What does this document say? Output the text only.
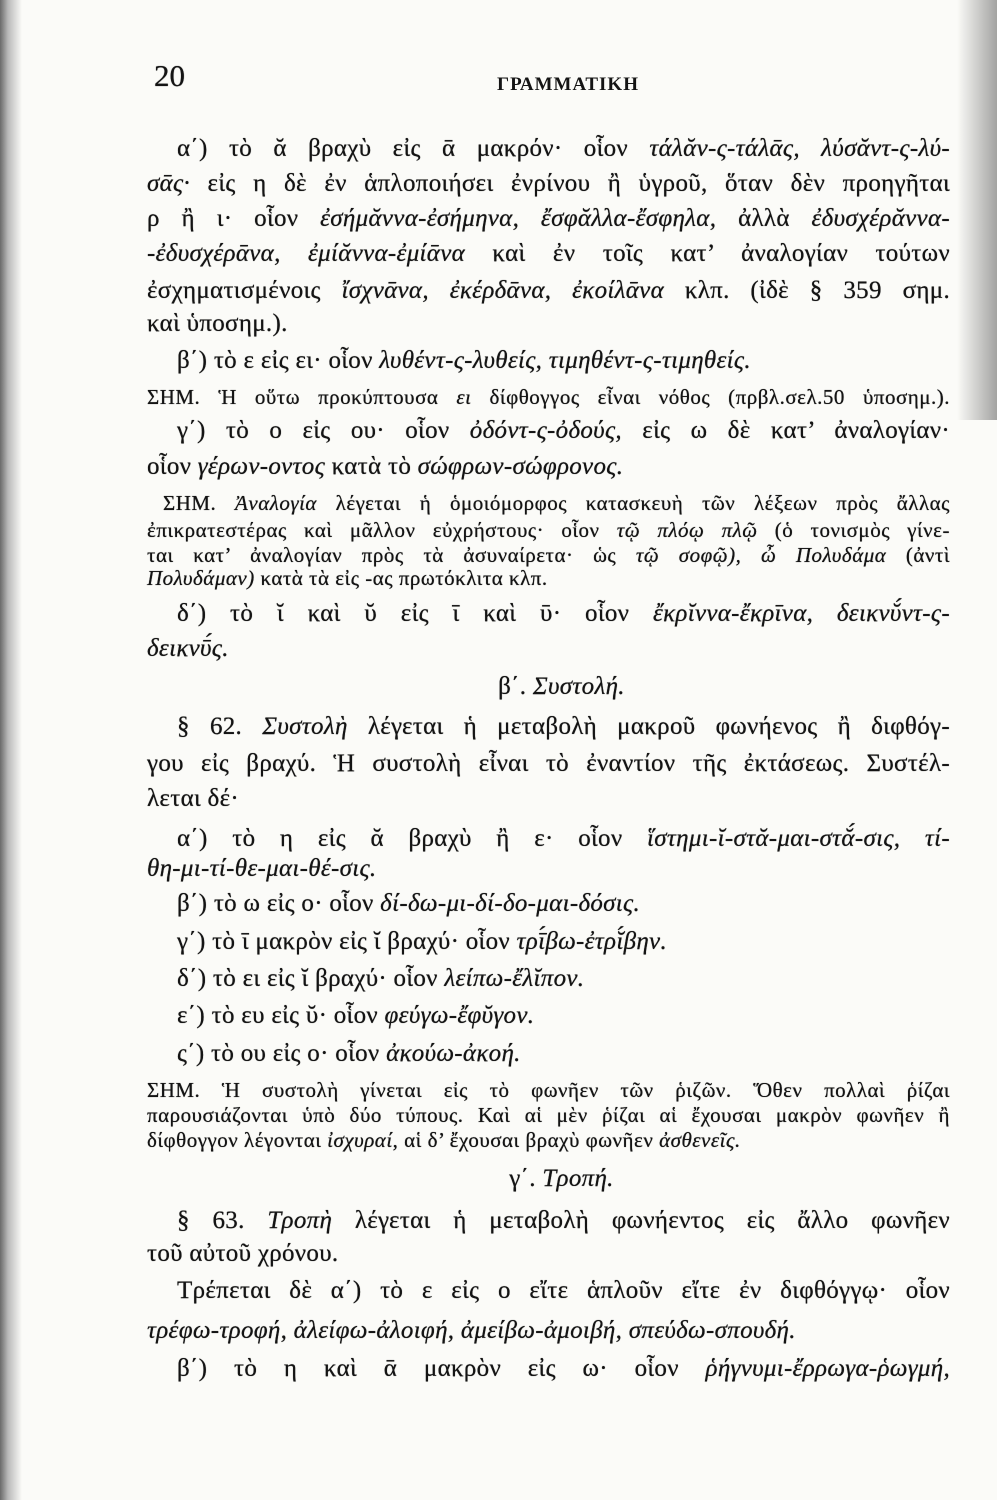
20	ΓΡΑΜΜΑΤΙΚΗ
α΄) τὸ ᾰ βραχὺ εἰς ᾱ μακρόν· οἷον τάλᾰν-ς-τάλᾱς, λύσᾰντ-ς-λύ-
σᾱς· εἰς η δὲ ἐν ἁπλοποιήσει ἐνρίνου ἢ ὑγροῦ, ὅταν δὲν προηγῆται
ρ ἢ ι· οἷον ἐσήμᾰννα-ἐσήμηνα, ἔσφᾰλλα-ἔσφηλα, ἀλλὰ ἐδυσχέρᾰννα-
-ἐδυσχέρᾱνα, ἐμίᾰννα-ἐμίᾱνα καὶ ἐν τοῖς κατ’ ἀναλογίαν τούτων
ἐσχηματισμένοις ἴσχνᾱνα, ἐκέρδᾱνα, ἐκοίλᾱνα κλπ. (ἰδὲ § 359 σημ.
καὶ ὑποσημ.).
β΄) τὸ ε εἰς ει· οἷον λυθέντ-ς-λυθείς, τιμηθέντ-ς-τιμηθείς.
ΣΗΜ. Ἡ οὕτω προκύπτουσα ει δίφθογγος εἶναι νόθος (πρβλ.σελ.50 ὑποσημ.).
γ΄) τὸ ο εἰς ου· οἷον ὀδόντ-ς-ὀδούς, εἰς ω δὲ κατ’ ἀναλογίαν·
οἷον γέρων-οντος κατὰ τὸ σώφρων-σώφρονος.
ΣΗΜ. Ἀναλογία λέγεται ἡ ὁμοιόμορφος κατασκευὴ τῶν λέξεων πρὸς ἄλλας
ἐπικρατεστέρας καὶ μᾶλλον εὐχρήστους· οἷον τῷ πλόῳ πλῷ (ὁ τονισμὸς γίνε-
ται κατ’ ἀναλογίαν πρὸς τὰ ἀσυναίρετα· ὡς τῷ σοφῷ), ὦ Πολυδάμα (ἀντὶ
Πολυδάμαν) κατὰ τὰ εἰς -ας πρωτόκλιτα κλπ.
δ΄) τὸ ῐ καὶ ῠ εἰς ῑ καὶ ῡ· οἷον ἔκρῐννα-ἔκρῑνα, δεικνῠ́ντ-ς-
δεικνῡ́ς.
β΄. Συστολή.
§ 62. Συστολὴ λέγεται ἡ μεταβολὴ μακροῦ φωνήενος ἢ διφθόγ-
γου εἰς βραχύ. Ἡ συστολὴ εἶναι τὸ ἐναντίον τῆς ἐκτάσεως. Συστέλ-
λεται δέ·
α΄) τὸ η εἰς ᾰ βραχὺ ἢ ε· οἷον ἵστημι-ῐ-στᾰ-μαι-στᾰ́-σις, τί-
θη-μι-τί-θε-μαι-θέ-σις.
β΄) τὸ ω εἰς ο· οἷον δί-δω-μι-δί-δο-μαι-δόσις.
γ΄) τὸ ῑ μακρὸν εἰς ῐ βραχύ· οἷον τρῑ́βω-ἐτρῐ́βην.
δ΄) τὸ ει εἰς ῐ βραχύ· οἷον λείπω-ἔλῐπον.
ε΄) τὸ ευ εἰς ῠ· οἷον φεύγω-ἔφῠγον.
ς΄) τὸ ου εἰς ο· οἷον ἀκούω-ἀκοή.
ΣΗΜ. Ἡ συστολὴ γίνεται εἰς τὸ φωνῆεν τῶν ῥιζῶν. Ὅθεν πολλαὶ ῥίζαι
παρουσιάζονται ὑπὸ δύο τύπους. Καὶ αἱ μὲν ῥίζαι αἱ ἔχουσαι μακρὸν φωνῆεν ἢ
δίφθογγον λέγονται ἰσχυραί, αἱ δ’ ἔχουσαι βραχὺ φωνῆεν ἀσθενεῖς.
γ΄. Τροπή.
§ 63. Τροπὴ λέγεται ἡ μεταβολὴ φωνήεντος εἰς ἄλλο φωνῆεν
τοῦ αὐτοῦ χρόνου.
Τρέπεται δὲ α΄) τὸ ε εἰς ο εἴτε ἁπλοῦν εἴτε ἐν διφθόγγῳ· οἷον
τρέφω-τροφή, ἀλείφω-ἀλοιφή, ἀμείβω-ἀμοιβή, σπεύδω-σπουδή.
β΄) τὸ η καὶ ᾱ μακρὸν εἰς ω· οἷον ῥήγνυμι-ἔρρωγα-ῥωγμή,
